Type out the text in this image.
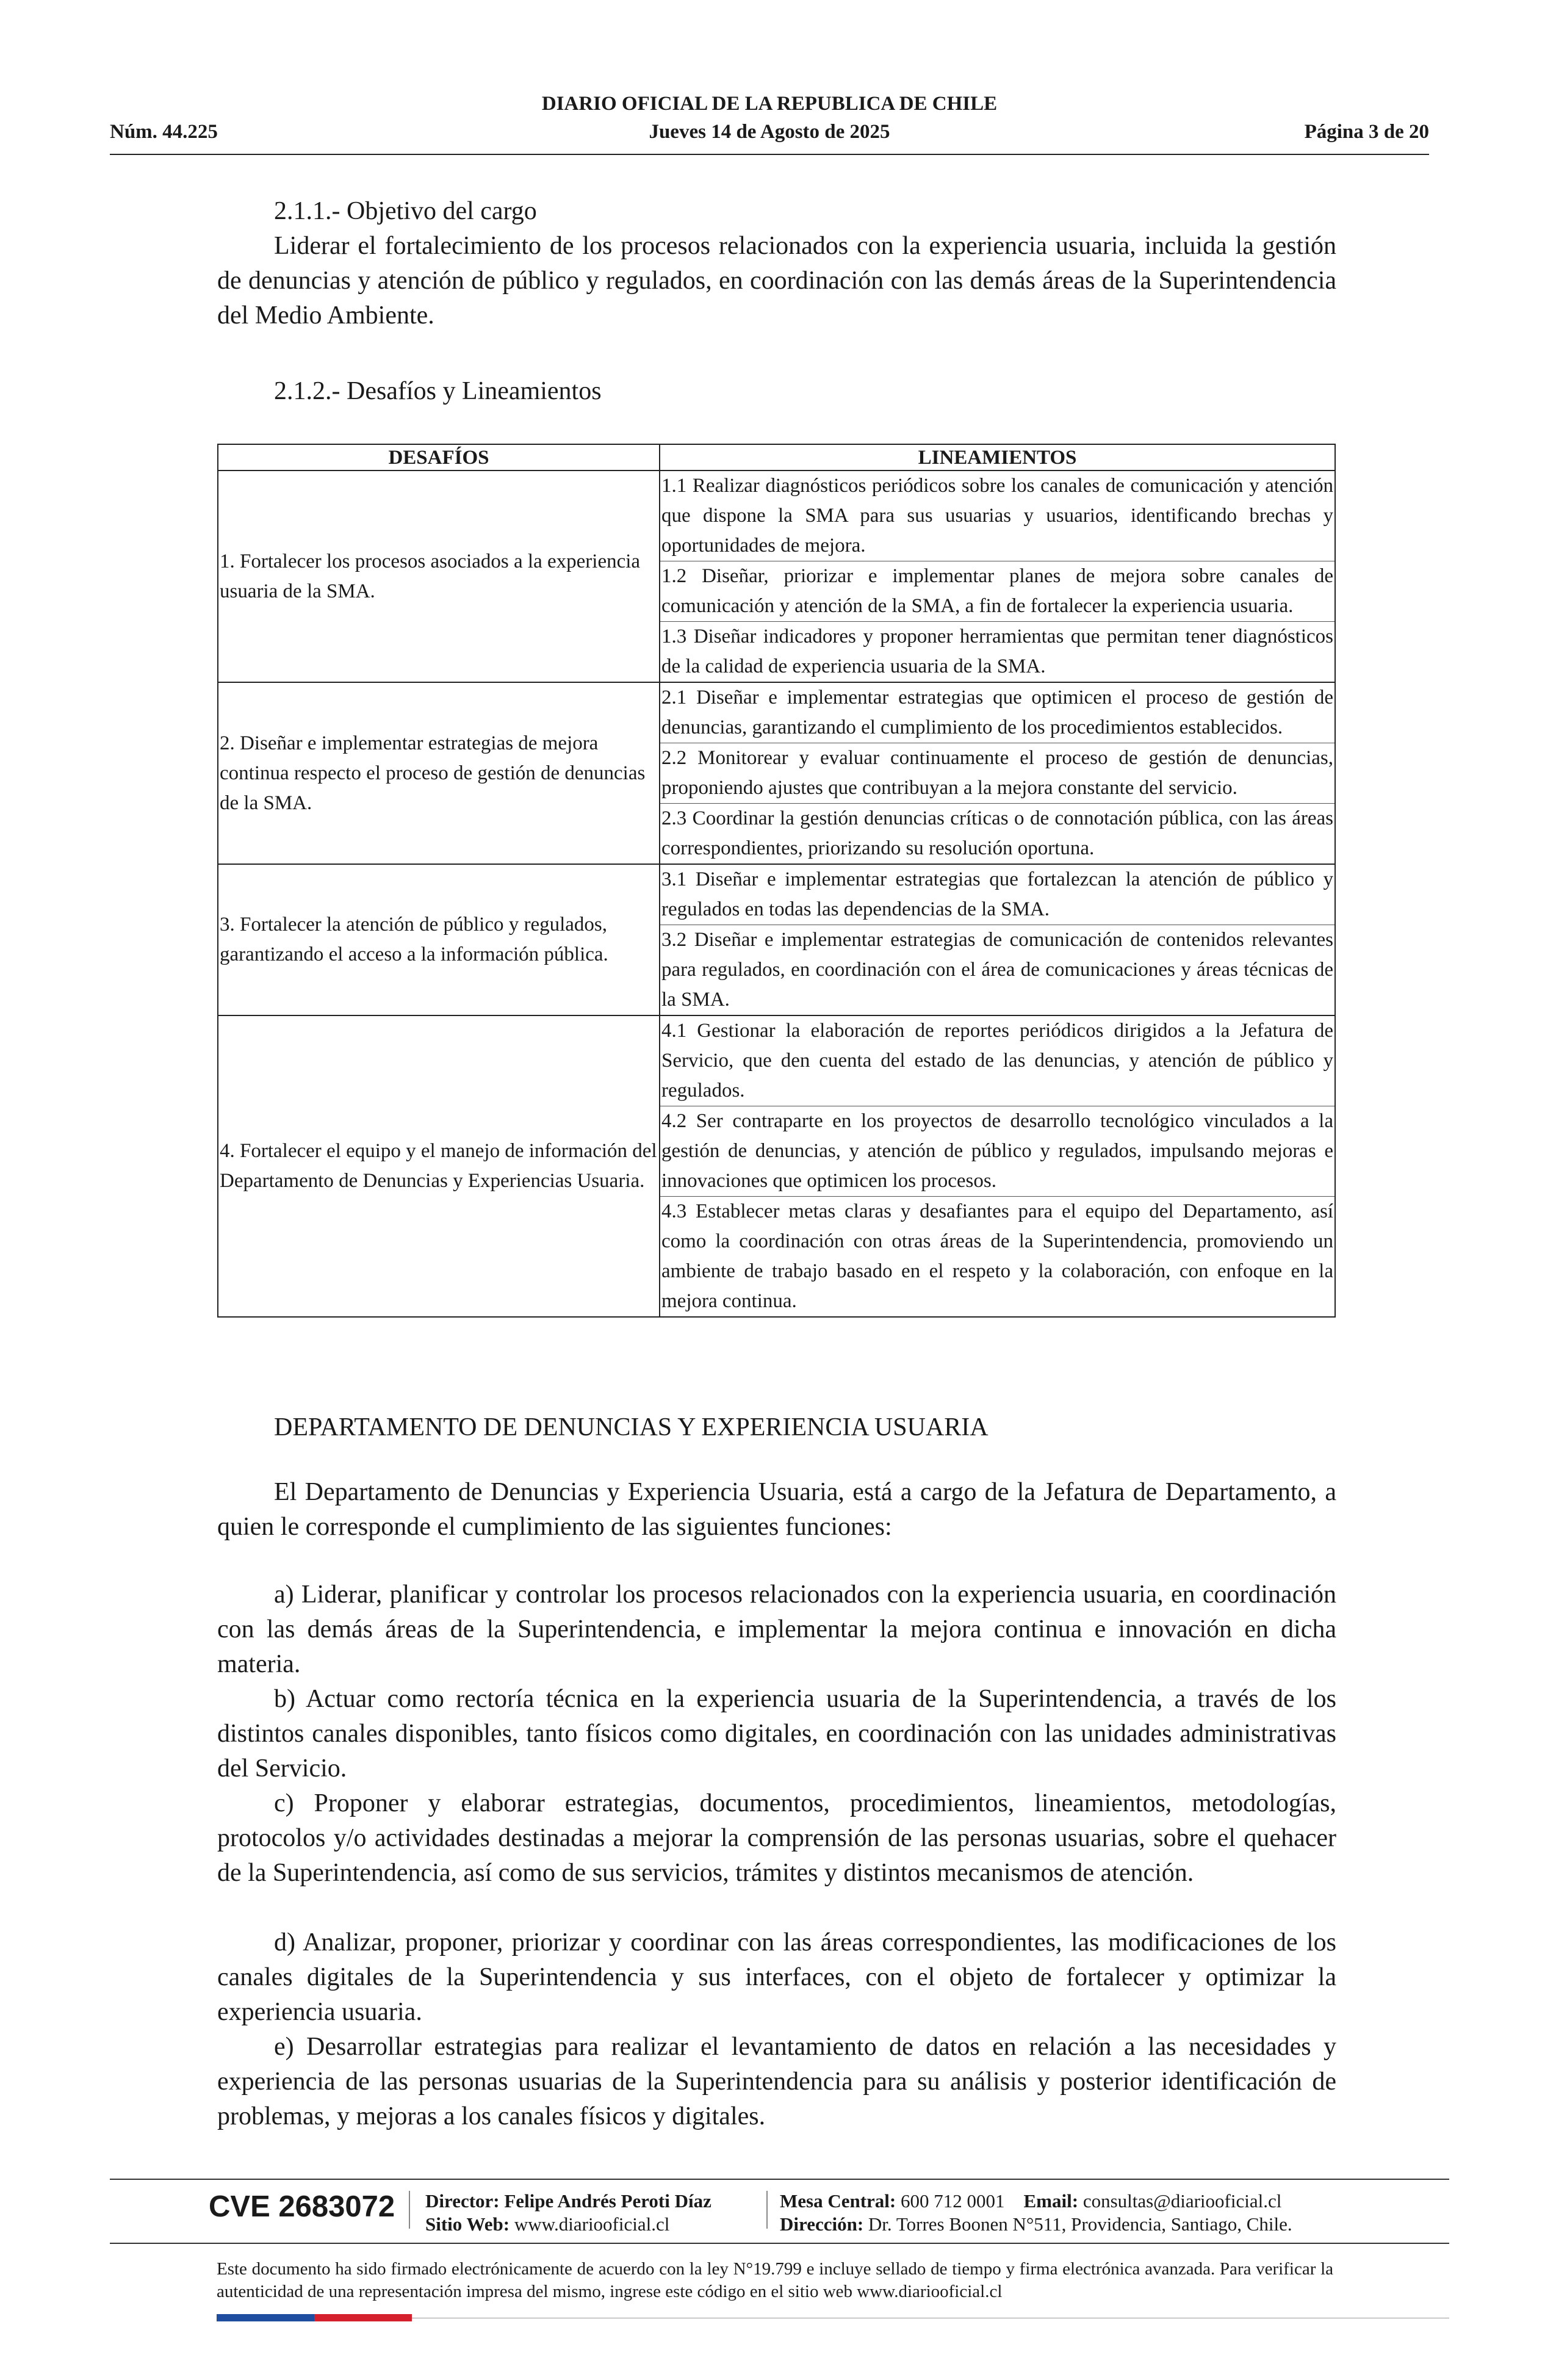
DIARIO OFICIAL DE LA REPUBLICA DE CHILE
Núm. 44.225	Jueves 14 de Agosto de 2025	Página 3 de 20
2.1.1.- Objetivo del cargo
Liderar el fortalecimiento de los procesos relacionados con la experiencia usuaria, incluida la gestión de denuncias y atención de público y regulados, en coordinación con las demás áreas de la Superintendencia del Medio Ambiente.
2.1.2.- Desafíos y Lineamientos
DESAFÍOS	LINEAMIENTOS
1. Fortalecer los procesos asociados a la experiencia usuaria de la SMA.	1.1 Realizar diagnósticos periódicos sobre los canales de comunicación y atención que dispone la SMA para sus usuarias y usuarios, identificando brechas y oportunidades de mejora.
1.2 Diseñar, priorizar e implementar planes de mejora sobre canales de comunicación y atención de la SMA, a fin de fortalecer la experiencia usuaria.
1.3 Diseñar indicadores y proponer herramientas que permitan tener diagnósticos de la calidad de experiencia usuaria de la SMA.

2. Diseñar e implementar estrategias de mejora continua respecto el proceso de gestión de denuncias de la SMA.	2.1 Diseñar e implementar estrategias que optimicen el proceso de gestión de denuncias, garantizando el cumplimiento de los procedimientos establecidos.
2.2 Monitorear y evaluar continuamente el proceso de gestión de denuncias, proponiendo ajustes que contribuyan a la mejora constante del servicio.
2.3 Coordinar la gestión denuncias críticas o de connotación pública, con las áreas correspondientes, priorizando su resolución oportuna.

3. Fortalecer la atención de público y regulados, garantizando el acceso a la información pública.	3.1 Diseñar e implementar estrategias que fortalezcan la atención de público y regulados en todas las dependencias de la SMA.
3.2 Diseñar e implementar estrategias de comunicación de contenidos relevantes para regulados, en coordinación con el área de comunicaciones y áreas técnicas de la SMA.

4. Fortalecer el equipo y el manejo de información del Departamento de Denuncias y Experiencias Usuaria.	4.1 Gestionar la elaboración de reportes periódicos dirigidos a la Jefatura de Servicio, que den cuenta del estado de las denuncias, y atención de público y regulados.
4.2 Ser contraparte en los proyectos de desarrollo tecnológico vinculados a la gestión de denuncias, y atención de público y regulados, impulsando mejoras e innovaciones que optimicen los procesos.
4.3 Establecer metas claras y desafiantes para el equipo del Departamento, así como la coordinación con otras áreas de la Superintendencia, promoviendo un ambiente de trabajo basado en el respeto y la colaboración, con enfoque en la mejora continua.
DEPARTAMENTO DE DENUNCIAS Y EXPERIENCIA USUARIA
El Departamento de Denuncias y Experiencia Usuaria, está a cargo de la Jefatura de Departamento, a quien le corresponde el cumplimiento de las siguientes funciones:
a) Liderar, planificar y controlar los procesos relacionados con la experiencia usuaria, en coordinación con las demás áreas de la Superintendencia, e implementar la mejora continua e innovación en dicha materia.
b) Actuar como rectoría técnica en la experiencia usuaria de la Superintendencia, a través de los distintos canales disponibles, tanto físicos como digitales, en coordinación con las unidades administrativas del Servicio.
c) Proponer y elaborar estrategias, documentos, procedimientos, lineamientos, metodologías, protocolos y/o actividades destinadas a mejorar la comprensión de las personas usuarias, sobre el quehacer de la Superintendencia, así como de sus servicios, trámites y distintos mecanismos de atención.
d) Analizar, proponer, priorizar y coordinar con las áreas correspondientes, las modificaciones de los canales digitales de la Superintendencia y sus interfaces, con el objeto de fortalecer y optimizar la experiencia usuaria.
e) Desarrollar estrategias para realizar el levantamiento de datos en relación a las necesidades y experiencia de las personas usuarias de la Superintendencia para su análisis y posterior identificación de problemas, y mejoras a los canales físicos y digitales.
CVE 2683072 Director: Felipe Andrés Peroti Díaz
Sitio Web: www.diariooficial.cl
Mesa Central: 600 712 0001 Email: consultas@diariooficial.cl
Dirección: Dr. Torres Boonen N°511, Providencia, Santiago, Chile.
Este documento ha sido firmado electrónicamente de acuerdo con la ley N°19.799 e incluye sellado de tiempo y firma electrónica avanzada. Para verificar la autenticidad de una representación impresa del mismo, ingrese este código en el sitio web www.diariooficial.cl
